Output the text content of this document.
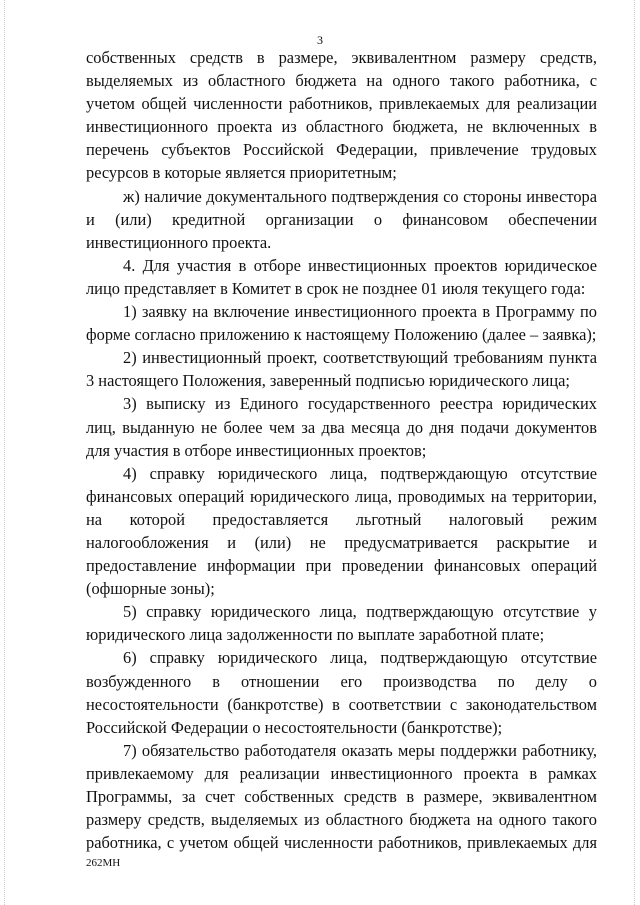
3

собственных средств в размере, эквивалентном размеру средств, выделяемых из областного бюджета на одного такого работника, с учетом общей численности работников, привлекаемых для реализации инвестиционного проекта из областного бюджета, не включенных в перечень субъектов Российской Федерации, привлечение трудовых ресурсов в которые является приоритетным;

ж) наличие документального подтверждения со стороны инвестора и (или) кредитной организации о финансовом обеспечении инвестиционного проекта.

4. Для участия в отборе инвестиционных проектов юридическое лицо представляет в Комитет в срок не позднее 01 июля текущего года:

1) заявку на включение инвестиционного проекта в Программу по форме согласно приложению к настоящему Положению (далее – заявка);

2) инвестиционный проект, соответствующий требованиям пункта 3 настоящего Положения, заверенный подписью юридического лица;

3) выписку из Единого государственного реестра юридических лиц, выданную не более чем за два месяца до дня подачи документов для участия в отборе инвестиционных проектов;

4) справку юридического лица, подтверждающую отсутствие финансовых операций юридического лица, проводимых на территории, на которой предоставляется льготный налоговый режим налогообложения и (или) не предусматривается раскрытие и предоставление информации при проведении финансовых операций (офшорные зоны);

5) справку юридического лица, подтверждающую отсутствие у юридического лица задолженности по выплате заработной плате;

6) справку юридического лица, подтверждающую отсутствие возбужденного в отношении его производства по делу о несостоятельности (банкротстве) в соответствии с законодательством Российской Федерации о несостоятельности (банкротстве);

7) обязательство работодателя оказать меры поддержки работнику, привлекаемому для реализации инвестиционного проекта в рамках Программы, за счет собственных средств в размере, эквивалентном размеру средств, выделяемых из областного бюджета на одного такого работника, с учетом общей численности работников, привлекаемых для

262МН
